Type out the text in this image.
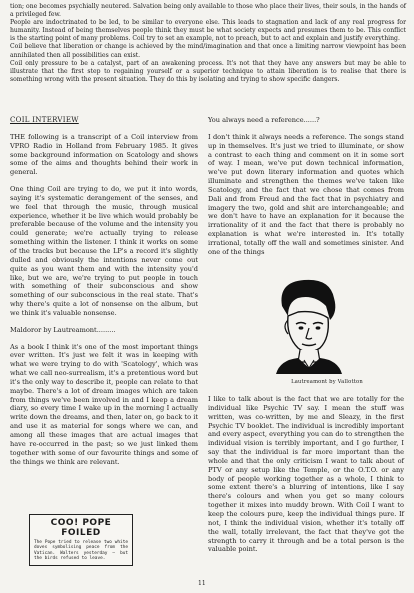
tion; one becomes psychially neutered. Salvation being only available to those who place their lives, their souls, in the hands of a privileged few.

People are indoctrinated to be led, to be similar to everyone else. This leads to stagnation and lack of any real progress for humanity. Instead of being themselves people think they must be what society expects and presumes them to be. This conflict is the starting point of many problems. Coil try to set an example, not to preach, but to act and explain and justify everything.

Coil believe that liberation or change is achieved by the mind/imagination and that once a limiting narrow viewpoint has been annihilated then all possibilities can exist.

Coil only pressure to be a catalyst, part of an awakening process. It's not that they have any answers but may be able to illustrate that the first step to regaining yourself or a superior technique to attain liberation is to realise that there is something wrong with the present situation. They do this by isolating and trying to show specific dangers.

COIL INTERVIEW

THE following is a transcript of a Coil interview from VPRO Radio in Holland from February 1985. It gives some background information on Scatology and shows some of the aims and thoughts behind their work in general.

One thing Coil are trying to do, we put it into words, saying it's systematic derangement of the senses, and we feel that through the music, through musical experience, whether it be live which would probably be preferable because of the volume and the intensity you could generate; we're actually trying to release something within the listener. I think it works on some of the tracks but because the LP's a record it's slightly dulled and obviously the intentions never come out quite as you want them and with the intensity you'd like, but we are, we're trying to put people in touch with something of their subconscious and show something of our subconscious in the real state. That's why there's quite a lot of nonsense on the album, but we think it's valuable nonsense.

Maldoror by Lautreamont.........

As a book I think it's one of the most important things ever written. It's just we felt it was in keeping with what we were trying to do with 'Scatology', which was what we call neo-surrealism, it's a pretentious word but it's the only way to describe it, people can relate to that maybe. There's a lot of dream images which are taken from things we've been involved in and I keep a dream diary, so every time I wake up in the morning I actually write down the dreams, and then, later on, go back to it and use it as material for songs where we can, and among all these images that are actual images that have re-occurred in the past; so we just linked them together with some of our favourite things and some of the things we think are relevant.

You always need a reference......?

I don't think it always needs a reference. The songs stand up in themselves. It's just we tried to illuminate, or show a contrast to each thing and comment on it in some sort of way. I mean, we've put down technical information, we've put down literary information and quotes which illuminate and strengthen the themes we've taken like Scatology, and the fact that we chose that comes from Dali and from Freud and the fact that in psychiatry and imagery the two, gold and shit are interchangeable; and we don't have to have an explanation for it because the irrationality of it and the fact that there is probably no explanation is what we're interested in. It's totally irrational, totally off the wall and sometimes sinister. And one of the things

Lautreamont by Vallotton

I like to talk about is the fact that we are totally for the individual like Psychic TV say. I mean the stuff was written, was co-written, by me and Sleazy, in the first Psychic TV booklet. The individual is incredibly important and every aspect, everything you can do to strengthen the individual vision is terribly important, and I go further, I say that the individual is far more important than the whole and that the only criticism I want to talk about of PTV or any setup like the Temple, or the O.T.O. or any body of people working together as a whole, I think to some extent there's a blurring of intentions, like I say there's colours and when you get so many colours together it mixes into muddy brown. With Coil I want to keep the colours pure, keep the individual things pure. If not, I think the individual vision, whether it's totally off the wall, totally irrelevant, the fact that they've got the strength to carry it through and be a total person is the valuable point.

COO! POPE FOILED
The Pope tried to release two white doves symbolising peace from the Vatican. Walters yesterday — but the birds refused to leave.
11
